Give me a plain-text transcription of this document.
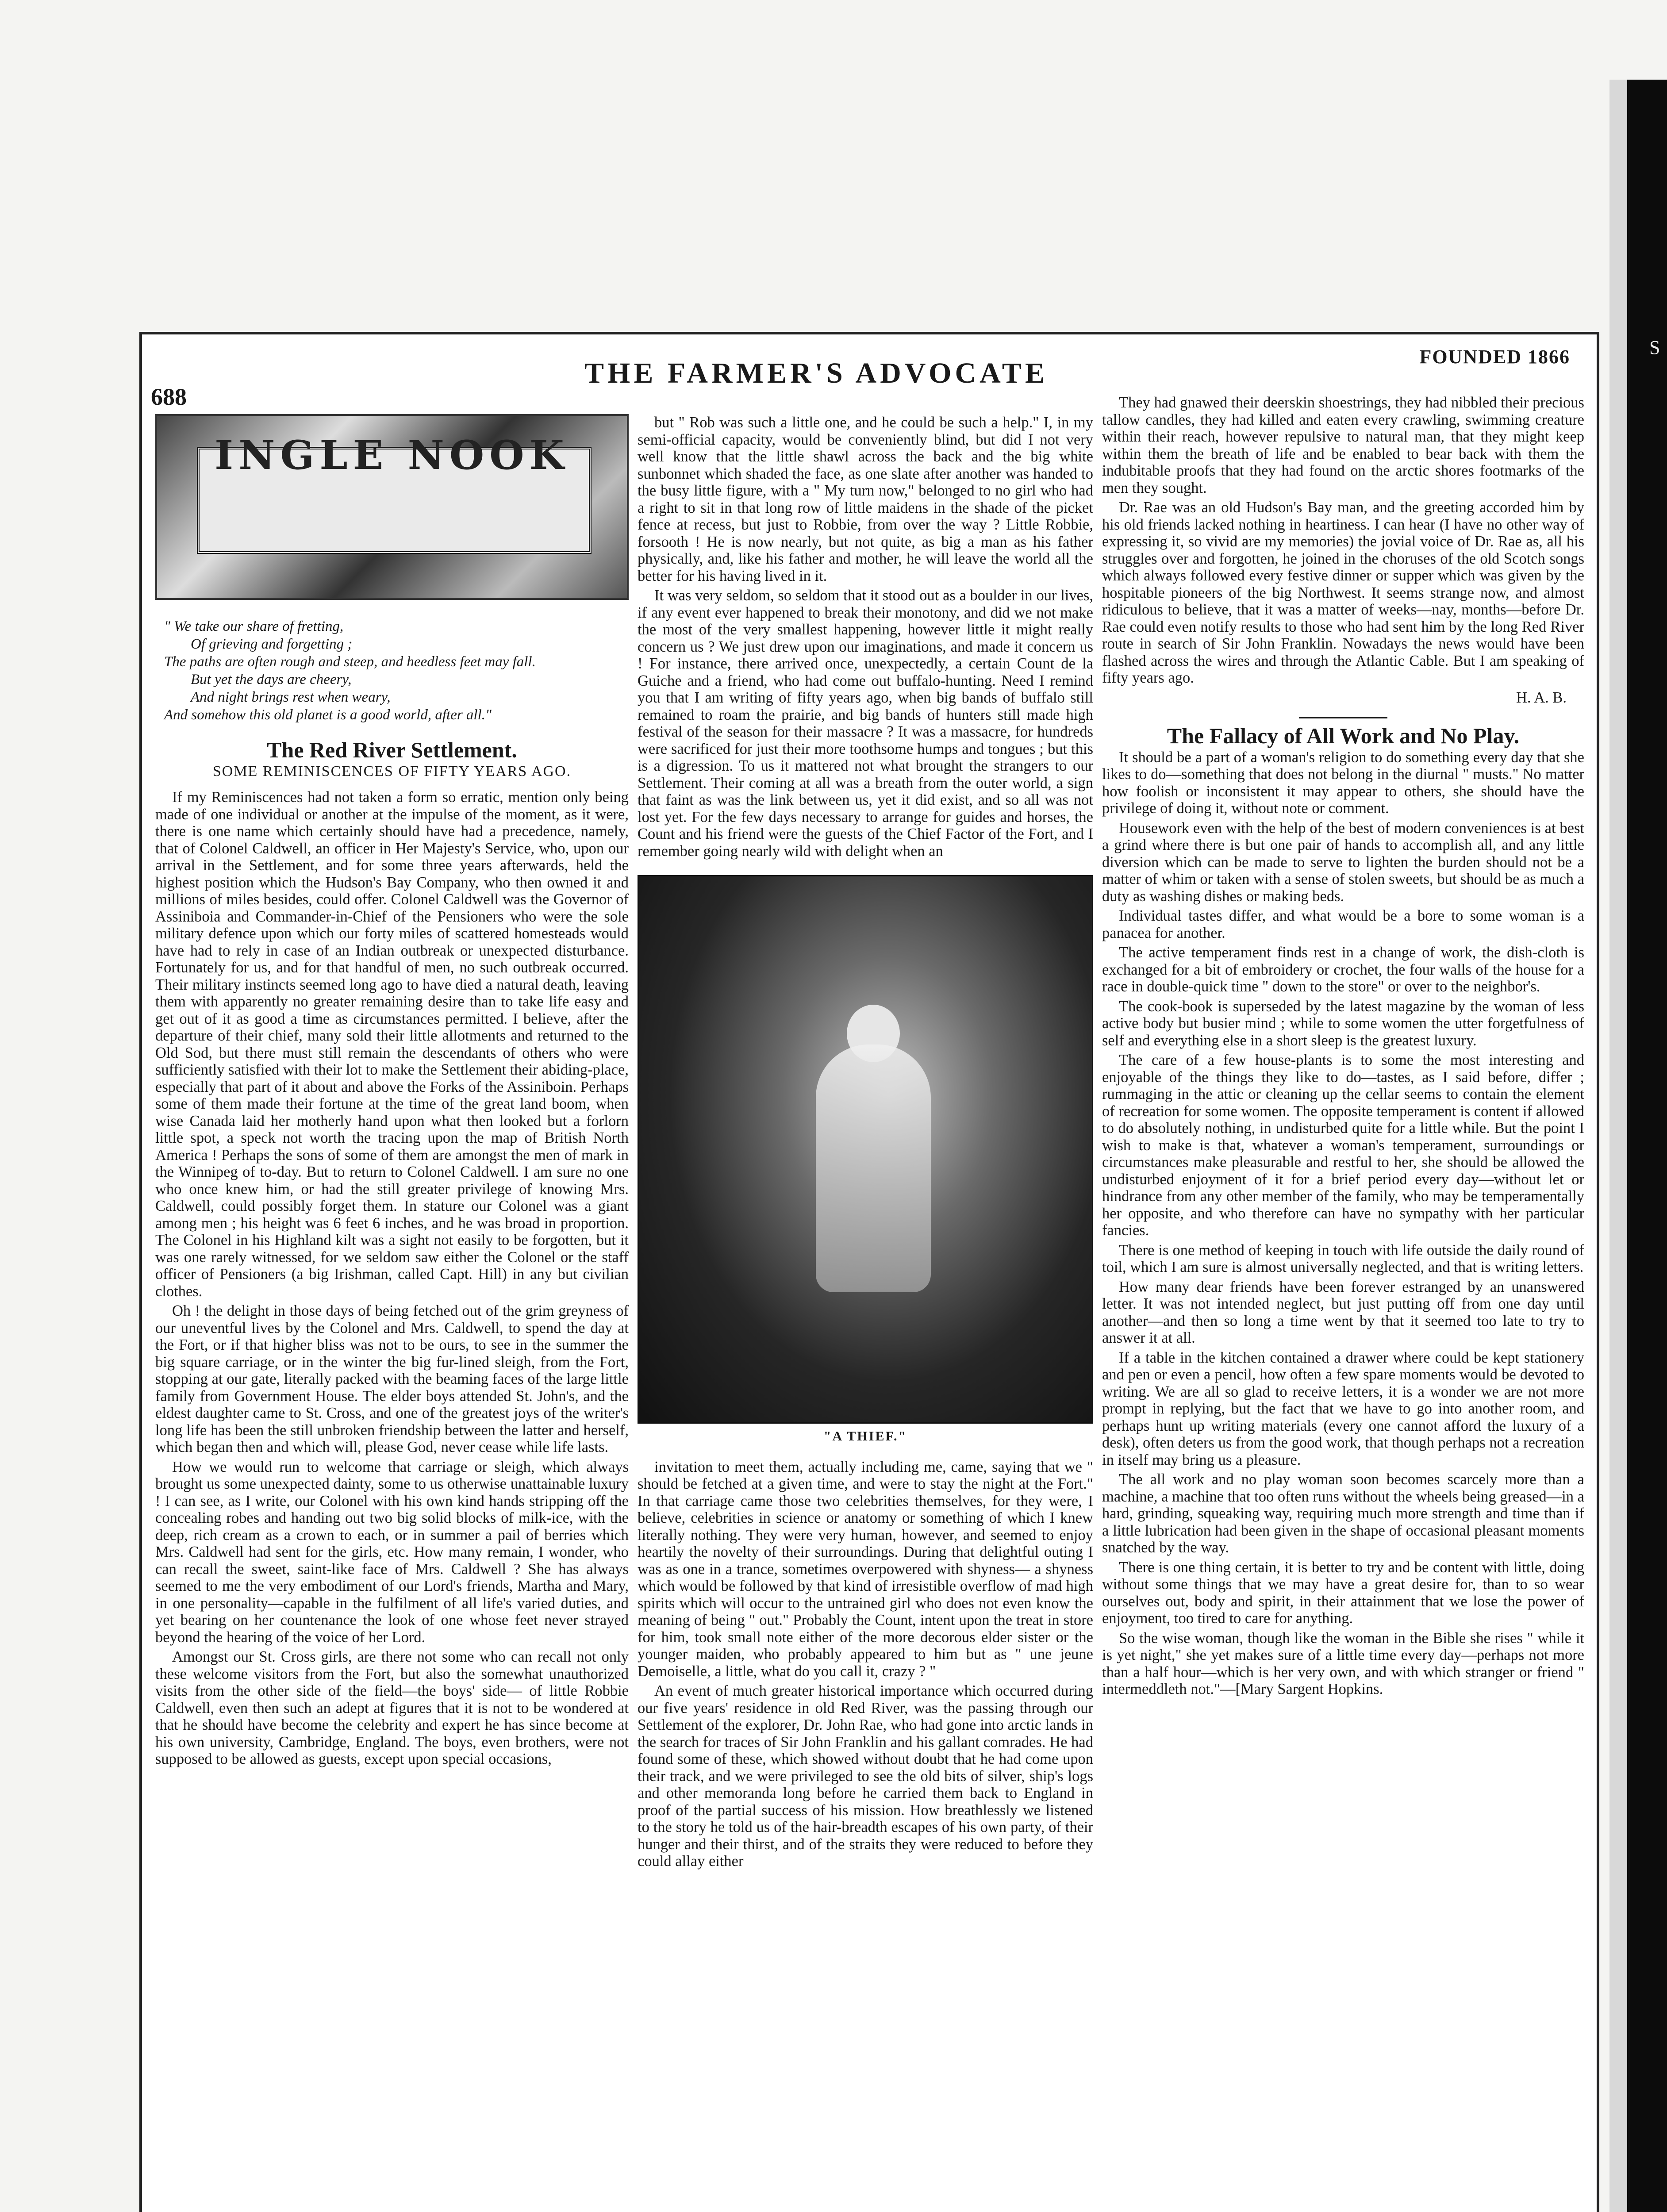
S
688
THE FARMER'S ADVOCATE
FOUNDED 1866
INGLE NOOK
" We take our share of fretting,
Of grieving and forgetting ;
The paths are often rough and steep, and heedless feet may fall.
But yet the days are cheery,
And night brings rest when weary,
And somehow this old planet is a good world, after all."
The Red River Settlement.
SOME REMINISCENCES OF FIFTY YEARS AGO.

If my Reminiscences had not taken a form so erratic, mention only being made of one individual or another at the impulse of the moment, as it were, there is one name which certainly should have had a precedence, namely, that of Colonel Caldwell, an officer in Her Majesty's Service, who, upon our arrival in the Settlement, and for some three years afterwards, held the highest position which the Hudson's Bay Company, who then owned it and millions of miles besides, could offer. Colonel Caldwell was the Governor of Assiniboia and Commander-in-Chief of the Pensioners who were the sole military defence upon which our forty miles of scattered homesteads would have had to rely in case of an Indian outbreak or unexpected disturbance. Fortunately for us, and for that handful of men, no such outbreak occurred. Their military instincts seemed long ago to have died a natural death, leaving them with apparently no greater remaining desire than to take life easy and get out of it as good a time as circumstances permitted. I believe, after the departure of their chief, many sold their little allotments and returned to the Old Sod, but there must still remain the descendants of others who were sufficiently satisfied with their lot to make the Settlement their abiding-place, especially that part of it about and above the Forks of the Assiniboin. Perhaps some of them made their fortune at the time of the great land boom, when wise Canada laid her motherly hand upon what then looked but a forlorn little spot, a speck not worth the tracing upon the map of British North America ! Perhaps the sons of some of them are amongst the men of mark in the Winnipeg of to-day. But to return to Colonel Caldwell. I am sure no one who once knew him, or had the still greater privilege of knowing Mrs. Caldwell, could possibly forget them. In stature our Colonel was a giant among men ; his height was 6 feet 6 inches, and he was broad in proportion. The Colonel in his Highland kilt was a sight not easily to be forgotten, but it was one rarely witnessed, for we seldom saw either the Colonel or the staff officer of Pensioners (a big Irishman, called Capt. Hill) in any but civilian clothes.

Oh ! the delight in those days of being fetched out of the grim greyness of our uneventful lives by the Colonel and Mrs. Caldwell, to spend the day at the Fort, or if that higher bliss was not to be ours, to see in the summer the big square carriage, or in the winter the big fur-lined sleigh, from the Fort, stopping at our gate, literally packed with the beaming faces of the large little family from Government House. The elder boys attended St. John's, and the eldest daughter came to St. Cross, and one of the greatest joys of the writer's long life has been the still unbroken friendship between the latter and herself, which began then and which will, please God, never cease while life lasts.

How we would run to welcome that carriage or sleigh, which always brought us some unexpected dainty, some to us otherwise unattainable luxury ! I can see, as I write, our Colonel with his own kind hands stripping off the concealing robes and handing out two big solid blocks of milk-ice, with the deep, rich cream as a crown to each, or in summer a pail of berries which Mrs. Caldwell had sent for the girls, etc. How many remain, I wonder, who can recall the sweet, saint-like face of Mrs. Caldwell ? She has always seemed to me the very embodiment of our Lord's friends, Martha and Mary, in one personality—capable in the fulfilment of all life's varied duties, and yet bearing on her countenance the look of one whose feet never strayed beyond the hearing of the voice of her Lord.

Amongst our St. Cross girls, are there not some who can recall not only these welcome visitors from the Fort, but also the somewhat unauthorized visits from the other side of the field—the boys' side— of little Robbie Caldwell, even then such an adept at figures that it is not to be wondered at that he should have become the celebrity and expert he has since become at his own university, Cambridge, England. The boys, even brothers, were not supposed to be allowed as guests, except upon special occasions,

but " Rob was such a little one, and he could be such a help." I, in my semi-official capacity, would be conveniently blind, but did I not very well know that the little shawl across the back and the big white sunbonnet which shaded the face, as one slate after another was handed to the busy little figure, with a " My turn now," belonged to no girl who had a right to sit in that long row of little maidens in the shade of the picket fence at recess, but just to Robbie, from over the way ? Little Robbie, forsooth ! He is now nearly, but not quite, as big a man as his father physically, and, like his father and mother, he will leave the world all the better for his having lived in it.

It was very seldom, so seldom that it stood out as a boulder in our lives, if any event ever happened to break their monotony, and did we not make the most of the very smallest happening, however little it might really concern us ? We just drew upon our imaginations, and made it concern us ! For instance, there arrived once, unexpectedly, a certain Count de la Guiche and a friend, who had come out buffalo-hunting. Need I remind you that I am writing of fifty years ago, when big bands of buffalo still remained to roam the prairie, and big bands of hunters still made high festival of the season for their massacre ? It was a massacre, for hundreds were sacrificed for just their more toothsome humps and tongues ; but this is a digression. To us it mattered not what brought the strangers to our Settlement. Their coming at all was a breath from the outer world, a sign that faint as was the link between us, yet it did exist, and so all was not lost yet. For the few days necessary to arrange for guides and horses, the Count and his friend were the guests of the Chief Factor of the Fort, and I remember going nearly wild with delight when an

"A THIEF."

invitation to meet them, actually including me, came, saying that we " should be fetched at a given time, and were to stay the night at the Fort." In that carriage came those two celebrities themselves, for they were, I believe, celebrities in science or anatomy or something of which I knew literally nothing. They were very human, however, and seemed to enjoy heartily the novelty of their surroundings. During that delightful outing I was as one in a trance, sometimes overpowered with shyness— a shyness which would be followed by that kind of irresistible overflow of mad high spirits which will occur to the untrained girl who does not even know the meaning of being " out." Probably the Count, intent upon the treat in store for him, took small note either of the more decorous elder sister or the younger maiden, who probably appeared to him but as " une jeune Demoiselle, a little, what do you call it, crazy ? "

An event of much greater historical importance which occurred during our five years' residence in old Red River, was the passing through our Settlement of the explorer, Dr. John Rae, who had gone into arctic lands in the search for traces of Sir John Franklin and his gallant comrades. He had found some of these, which showed without doubt that he had come upon their track, and we were privileged to see the old bits of silver, ship's logs and other memoranda long before he carried them back to England in proof of the partial success of his mission. How breathlessly we listened to the story he told us of the hair-breadth escapes of his own party, of their hunger and their thirst, and of the straits they were reduced to before they could allay either

They had gnawed their deerskin shoestrings, they had nibbled their precious tallow candles, they had killed and eaten every crawling, swimming creature within their reach, however repulsive to natural man, that they might keep within them the breath of life and be enabled to bear back with them the indubitable proofs that they had found on the arctic shores footmarks of the men they sought.

Dr. Rae was an old Hudson's Bay man, and the greeting accorded him by his old friends lacked nothing in heartiness. I can hear (I have no other way of expressing it, so vivid are my memories) the jovial voice of Dr. Rae as, all his struggles over and forgotten, he joined in the choruses of the old Scotch songs which always followed every festive dinner or supper which was given by the hospitable pioneers of the big Northwest. It seems strange now, and almost ridiculous to believe, that it was a matter of weeks—nay, months—before Dr. Rae could even notify results to those who had sent him by the long Red River route in search of Sir John Franklin. Nowadays the news would have been flashed across the wires and through the Atlantic Cable. But I am speaking of fifty years ago.

H. A. B.
The Fallacy of All Work and No Play.

It should be a part of a woman's religion to do something every day that she likes to do—something that does not belong in the diurnal " musts." No matter how foolish or inconsistent it may appear to others, she should have the privilege of doing it, without note or comment.

Housework even with the help of the best of modern conveniences is at best a grind where there is but one pair of hands to accomplish all, and any little diversion which can be made to serve to lighten the burden should not be a matter of whim or taken with a sense of stolen sweets, but should be as much a duty as washing dishes or making beds.

Individual tastes differ, and what would be a bore to some woman is a panacea for another.

The active temperament finds rest in a change of work, the dish-cloth is exchanged for a bit of embroidery or crochet, the four walls of the house for a race in double-quick time " down to the store" or over to the neighbor's.

The cook-book is superseded by the latest magazine by the woman of less active body but busier mind ; while to some women the utter forgetfulness of self and everything else in a short sleep is the greatest luxury.

The care of a few house-plants is to some the most interesting and enjoyable of the things they like to do—tastes, as I said before, differ ; rummaging in the attic or cleaning up the cellar seems to contain the element of recreation for some women. The opposite temperament is content if allowed to do absolutely nothing, in undisturbed quite for a little while. But the point I wish to make is that, whatever a woman's temperament, surroundings or circumstances make pleasurable and restful to her, she should be allowed the undisturbed enjoyment of it for a brief period every day—without let or hindrance from any other member of the family, who may be temperamentally her opposite, and who therefore can have no sympathy with her particular fancies.

There is one method of keeping in touch with life outside the daily round of toil, which I am sure is almost universally neglected, and that is writing letters.

How many dear friends have been forever estranged by an unanswered letter. It was not intended neglect, but just putting off from one day until another—and then so long a time went by that it seemed too late to try to answer it at all.

If a table in the kitchen contained a drawer where could be kept stationery and pen or even a pencil, how often a few spare moments would be devoted to writing. We are all so glad to receive letters, it is a wonder we are not more prompt in replying, but the fact that we have to go into another room, and perhaps hunt up writing materials (every one cannot afford the luxury of a desk), often deters us from the good work, that though perhaps not a recreation in itself may bring us a pleasure.

The all work and no play woman soon becomes scarcely more than a machine, a machine that too often runs without the wheels being greased—in a hard, grinding, squeaking way, requiring much more strength and time than if a little lubrication had been given in the shape of occasional pleasant moments snatched by the way.

There is one thing certain, it is better to try and be content with little, doing without some things that we may have a great desire for, than to so wear ourselves out, body and spirit, in their attainment that we lose the power of enjoyment, too tired to care for anything.

So the wise woman, though like the woman in the Bible she rises " while it is yet night," she yet makes sure of a little time every day—perhaps not more than a half hour—which is her very own, and with which stranger or friend " intermeddleth not."—[Mary Sargent Hopkins.
